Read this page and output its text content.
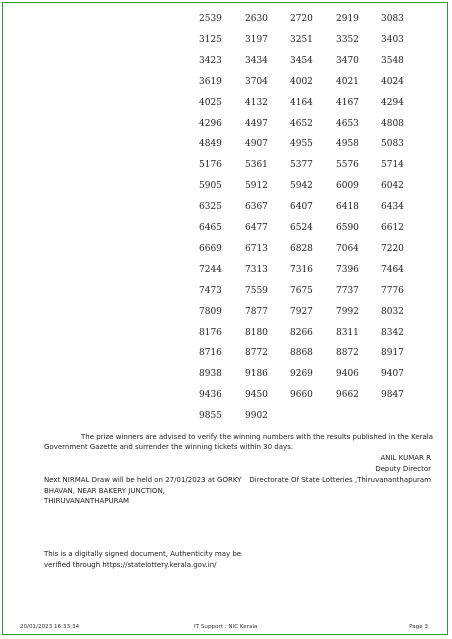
2539	2630 2720	2919 3083
3125	3197 3251	3352 3403
3423	3434 3454	3470 3548
3619	3704 4002	4021 4024
4025	4132 4164	4167 4294
4296	4497 4652	4653 4808
4849	4907 4955	4958 5083
5176	5361 5377	5576 5714
5905	5912 5942	6009 6042
6325	6367 6407	6418 6434
6465	6477 6524	6590 6612
6669	6713 6828	7064 7220
7244	7313 7316	7396 7464
7473	7559 7675	7737 7776
7809	7877 7927	7992 8032
8176	8180 8266	8311 8342
8716	8772 8868	8872 8917
8938	9186 9269	9406 9407
9436	9450 9660	9662 9847
9855	9902
The prize winners are advised to verify the winning numbers with the results published in the Kerala
Government Gazette and surrender the winning tickets within 30 days.
ANIL KUMAR R
Deputy Director
Directorate Of State Lotteries ,Thiruvananthapuram
Next NIRMAL Draw will be held on 27/01/2023 at GORKY
BHAVAN, NEAR BAKERY JUNCTION,
THIRUVANANTHAPURAM
This is a digitally signed document, Authenticity may be
verified through https://statelottery.kerala.gov.in/
20/01/2023 16:33:34	IT Support : NIC Kerala	Page 3
